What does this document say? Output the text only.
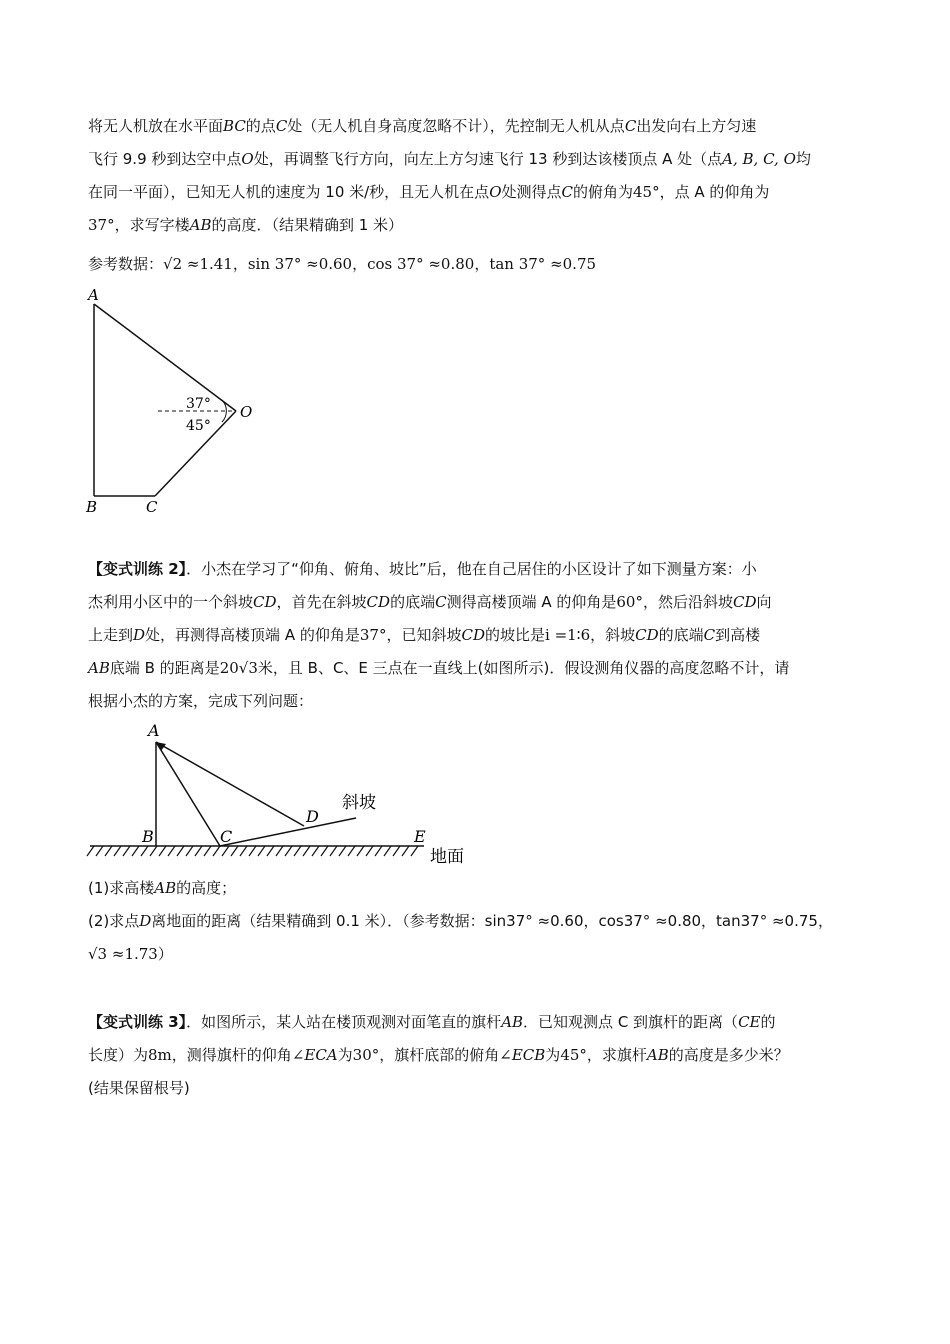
将无人机放在水平面BC的点C处（无人机自身高度忽略不计），先控制无人机从点C出发向右上方匀速
飞行 9.9 秒到达空中点O处，再调整飞行方向，向左上方匀速飞行 13 秒到达该楼顶点 A 处（点A, B, C, O均
在同一平面），已知无人机的速度为 10 米/秒，且无人机在点O处测得点C的俯角为45°，点 A 的仰角为
37°，求写字楼AB的高度．（结果精确到 1 米）

参考数据：√2 ≈1.41，sin 37° ≈0.60，cos 37° ≈0.80，tan 37° ≈0.75

A
B	C
O
37°
45°

【变式训练 2】．小杰在学习了“仰角、俯角、坡比”后，他在自己居住的小区设计了如下测量方案：小
杰利用小区中的一个斜坡CD，首先在斜坡CD的底端C测得高楼顶端 A 的仰角是60°，然后沿斜坡CD向
上走到D处，再测得高楼顶端 A 的仰角是37°，已知斜坡CD的坡比是i =1∶6，斜坡CD的底端C到高楼
AB底端 B 的距离是20√3米，且 B、C、E 三点在一直线上(如图所示)．假设测角仪器的高度忽略不计，请
根据小杰的方案，完成下列问题：

A
B	C
D
E
斜坡
地面

(1)求高楼AB的高度；
(2)求点D离地面的距离（结果精确到 0.1 米）．（参考数据：sin37° ≈0.60，cos37° ≈0.80，tan37° ≈0.75，
√3 ≈1.73）

【变式训练 3】．如图所示，某人站在楼顶观测对面笔直的旗杆AB．已知观测点 C 到旗杆的距离（CE的
长度）为8m，测得旗杆的仰角∠ECA为30°，旗杆底部的俯角∠ECB为45°，求旗杆AB的高度是多少米？
(结果保留根号)
